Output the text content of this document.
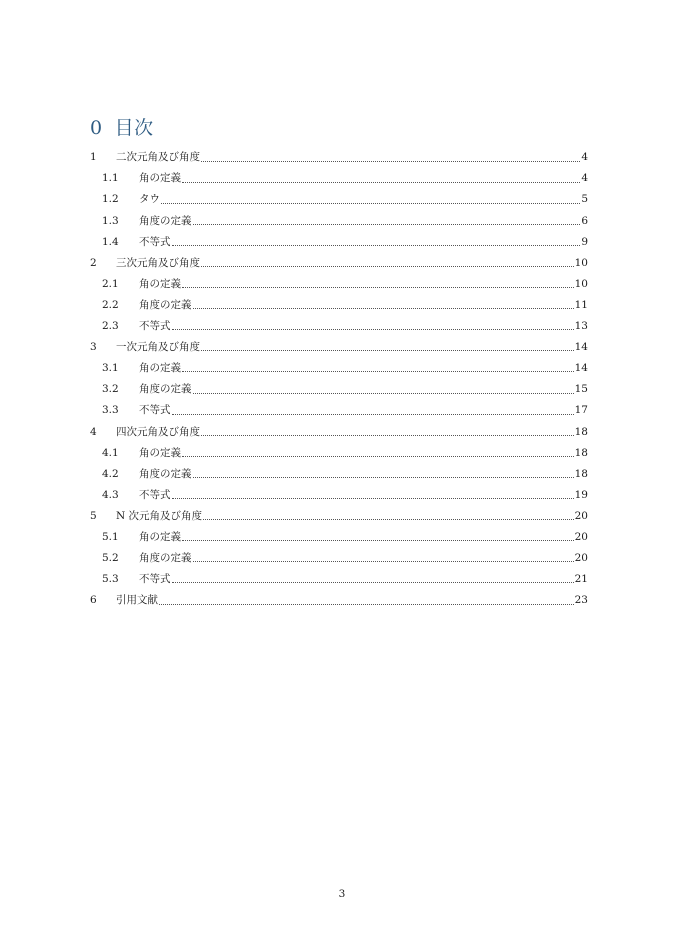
0 目次
1	二次元角及び角度	4
1.1	角の定義	4
1.2	タウ	5
1.3	角度の定義	6
1.4	不等式	9
2	三次元角及び角度	10
2.1	角の定義	10
2.2	角度の定義	11
2.3	不等式	13
3	一次元角及び角度	14
3.1	角の定義	14
3.2	角度の定義	15
3.3	不等式	17
4	四次元角及び角度	18
4.1	角の定義	18
4.2	角度の定義	18
4.3	不等式	19
5	N 次元角及び角度	20
5.1	角の定義	20
5.2	角度の定義	20
5.3	不等式	21
6	引用文献	23
3
